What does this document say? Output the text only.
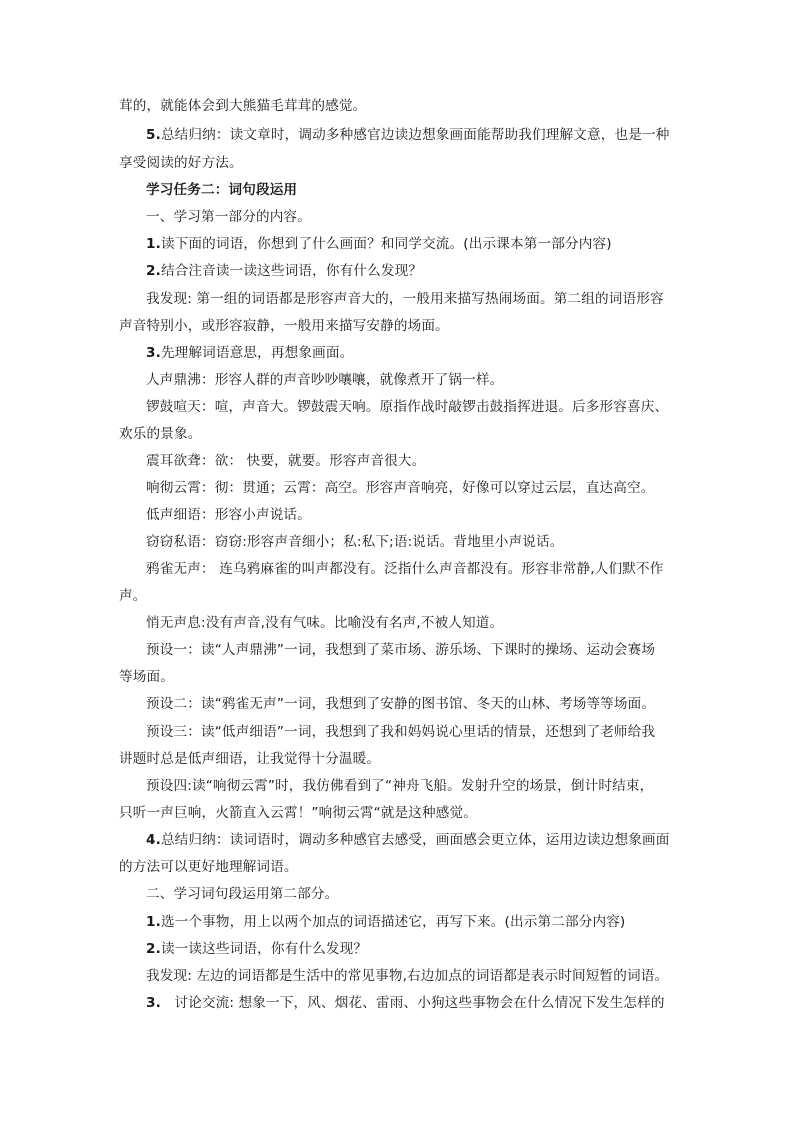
茸的，就能体会到大熊猫毛茸茸的感觉。
5.总结归纳：读文章时，调动多种感官边读边想象画面能帮助我们理解文意，也是一种
享受阅读的好方法。
学习任务二：词句段运用
一、学习第一部分的内容。
1.读下面的词语，你想到了什么画面？和同学交流。(出示课本第一部分内容)
2.结合注音读一读这些词语，你有什么发现？
我发现: 第一组的词语都是形容声音大的，一般用来描写热闹场面。第二组的词语形容
声音特别小，或形容寂静，一般用来描写安静的场面。
3.先理解词语意思，再想象画面。
人声鼎沸：形容人群的声音吵吵嚷嚷，就像煮开了锅一样。
锣鼓喧天：喧，声音大。锣鼓震天响。原指作战时敲锣击鼓指挥进退。后多形容喜庆、
欢乐的景象。
震耳欲聋：欲： 快要，就要。形容声音很大。
响彻云霄：彻：贯通；云霄：高空。形容声音响亮，好像可以穿过云层，直达高空。
低声细语：形容小声说话。
窃窃私语：窃窃:形容声音细小；私:私下;语:说话。背地里小声说话。
鸦雀无声： 连乌鸦麻雀的叫声都没有。泛指什么声音都没有。形容非常静,人们默不作
声。
悄无声息:没有声音,没有气味。比喻没有名声,不被人知道。
预设一：读“人声鼎沸”一词，我想到了菜市场、游乐场、下课时的操场、运动会赛场
等场面。
预设二：读“鸦雀无声”一词，我想到了安静的图书馆、冬天的山林、考场等等场面。
预设三：读“低声细语”一词，我想到了我和妈妈说心里话的情景，还想到了老师给我
讲题时总是低声细语，让我觉得十分温暖。
预设四:读“响彻云霄”时，我仿佛看到了“神舟飞船。发射升空的场景，倒计时结束，
只听一声巨响，火箭直入云霄！”响彻云霄“就是这种感觉。
4.总结归纳：读词语时，调动多种感官去感受，画面感会更立体，运用边读边想象画面
的方法可以更好地理解词语。
二、学习词句段运用第二部分。
1.选一个事物，用上以两个加点的词语描述它，再写下来。(出示第二部分内容)
2.读一读这些词语，你有什么发现？
我发现: 左边的词语都是生活中的常见事物,右边加点的词语都是表示时间短暂的词语。
3.   讨论交流: 想象一下，风、烟花、雷雨、小狗这些事物会在什么情况下发生怎样的
